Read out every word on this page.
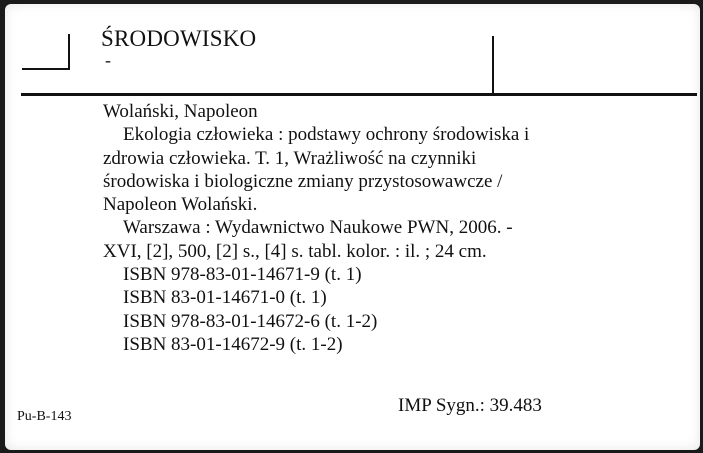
ŚRODOWISKO
-
Wolański, Napoleon
Ekologia człowieka : podstawy ochrony środowiska i
zdrowia człowieka. T. 1, Wrażliwość na czynniki
środowiska i biologiczne zmiany przystosowawcze /
Napoleon Wolański.
Warszawa : Wydawnictwo Naukowe PWN, 2006. -
XVI, [2], 500, [2] s., [4] s. tabl. kolor. : il. ; 24 cm.
ISBN 978-83-01-14671-9 (t. 1)
ISBN 83-01-14671-0 (t. 1)
ISBN 978-83-01-14672-6 (t. 1-2)
ISBN 83-01-14672-9 (t. 1-2)
IMP Sygn.: 39.483
Pu-B-143
